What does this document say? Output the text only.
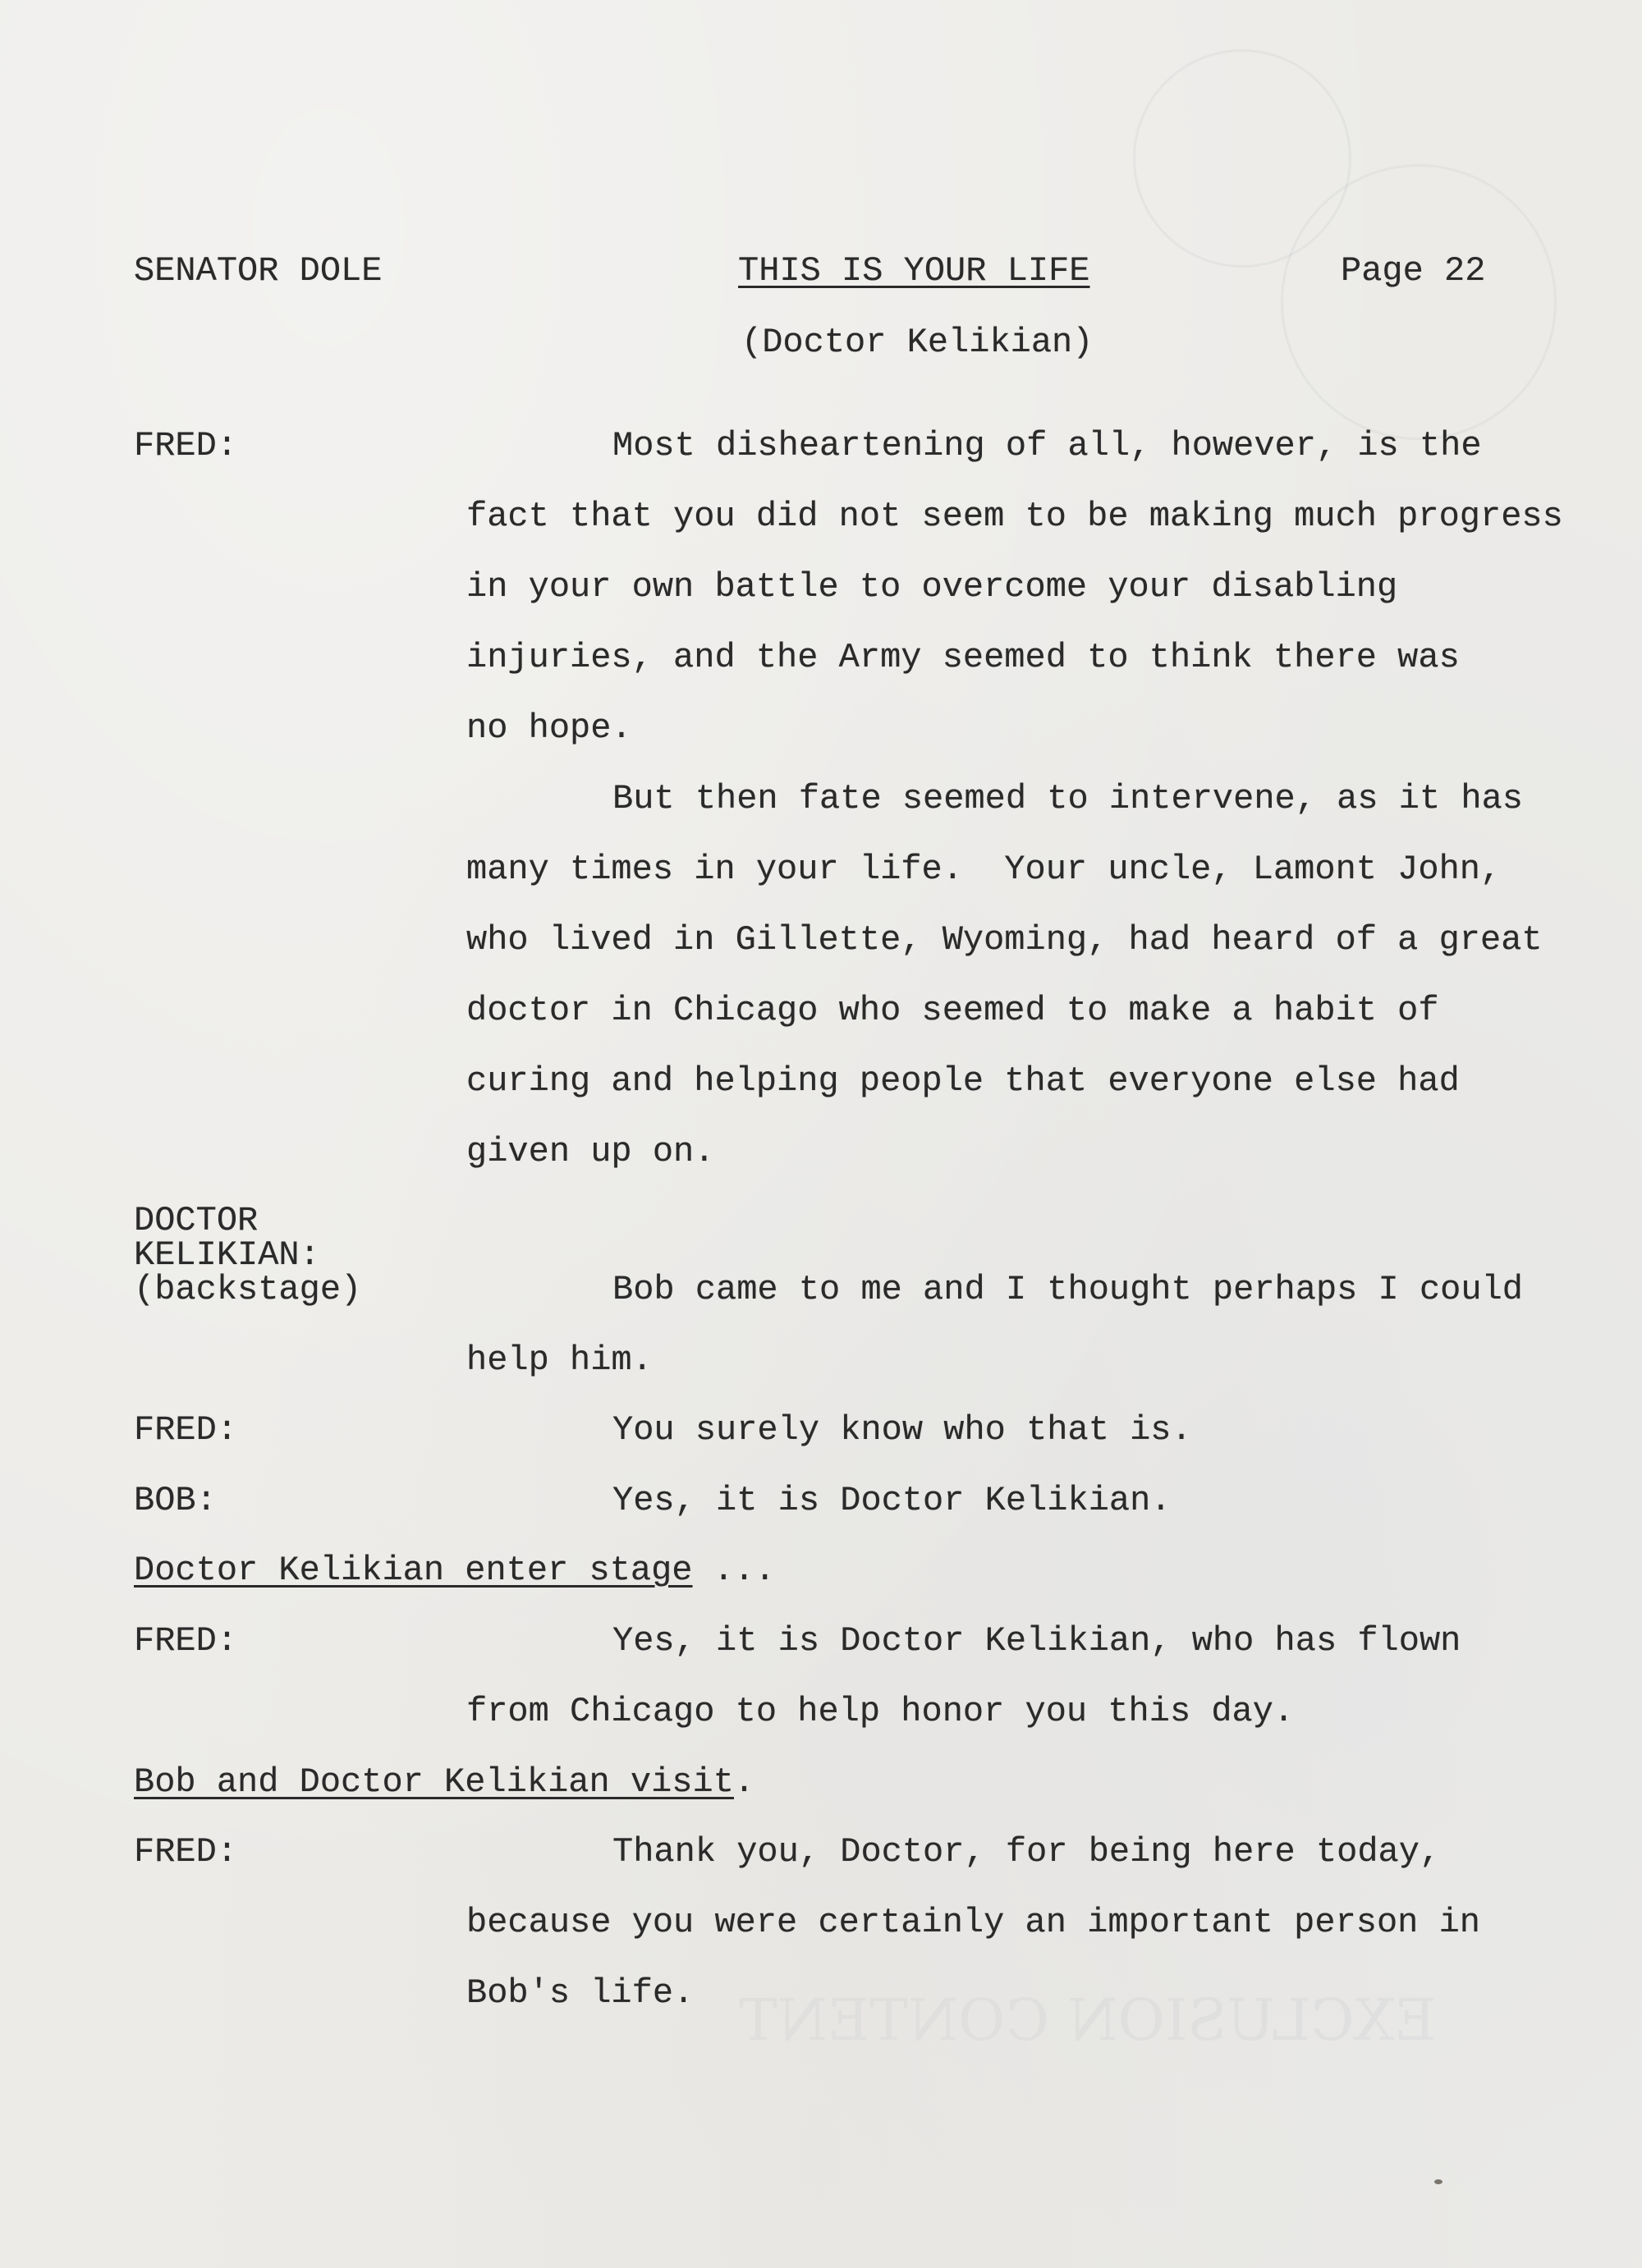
EXCLUSION CONTENT
SENATOR DOLE	THIS IS YOUR LIFE	Page 22
(Doctor Kelikian)
FRED:	Most disheartening of all, however, is the
fact that you did not seem to be making much progress
in your own battle to overcome your disabling
injuries, and the Army seemed to think there was
no hope.
But then fate seemed to intervene, as it has
many times in your life.  Your uncle, Lamont John,
who lived in Gillette, Wyoming, had heard of a great
doctor in Chicago who seemed to make a habit of
curing and helping people that everyone else had
given up on.
DOCTOR
KELIKIAN:
(backstage)	Bob came to me and I thought perhaps I could
help him.
FRED:	You surely know who that is.
BOB:	Yes, it is Doctor Kelikian.
Doctor Kelikian enter stage ...
FRED:	Yes, it is Doctor Kelikian, who has flown
from Chicago to help honor you this day.
Bob and Doctor Kelikian visit.
FRED:	Thank you, Doctor, for being here today,
because you were certainly an important person in
Bob's life.
